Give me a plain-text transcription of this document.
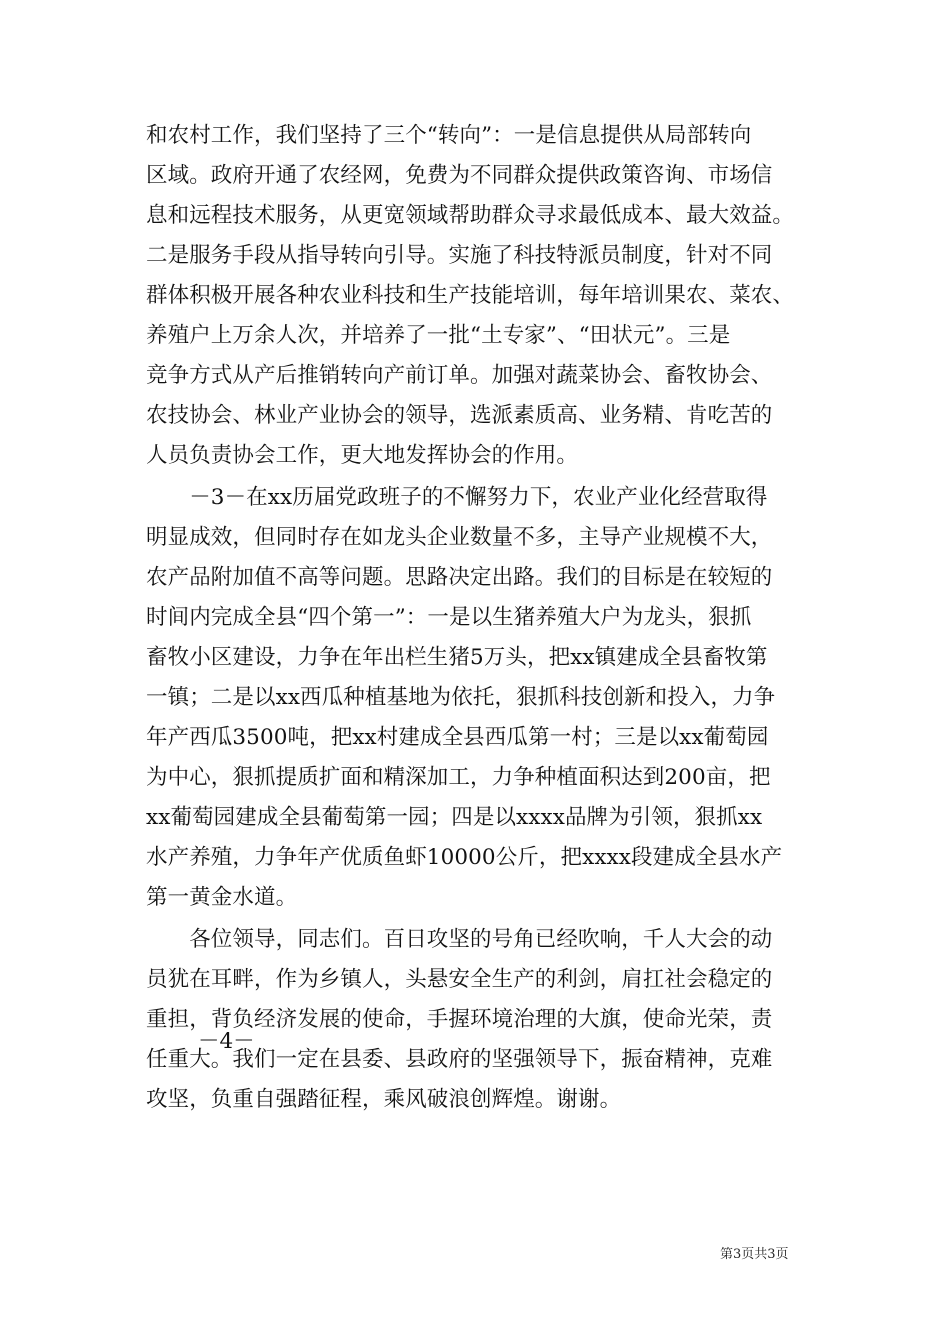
和农村工作，我们坚持了三个“转向”：一是信息提供从局部转向
区域。政府开通了农经网，免费为不同群众提供政策咨询、市场信
息和远程技术服务，从更宽领域帮助群众寻求最低成本、最大效益。
二是服务手段从指导转向引导。实施了科技特派员制度，针对不同
群体积极开展各种农业科技和生产技能培训，每年培训果农、菜农、
养殖户上万余人次，并培养了一批“土专家”、“田状元”。三是
竞争方式从产后推销转向产前订单。加强对蔬菜协会、畜牧协会、
农技协会、林业产业协会的领导，选派素质高、业务精、肯吃苦的
人员负责协会工作，更大地发挥协会的作用。
　　－3－在xx历届党政班子的不懈努力下，农业产业化经营取得
明显成效，但同时存在如龙头企业数量不多，主导产业规模不大，
农产品附加值不高等问题。思路决定出路。我们的目标是在较短的
时间内完成全县“四个第一”：一是以生猪养殖大户为龙头，狠抓
畜牧小区建设，力争在年出栏生猪5万头，把xx镇建成全县畜牧第
一镇；二是以xx西瓜种植基地为依托，狠抓科技创新和投入，力争
年产西瓜3500吨，把xx村建成全县西瓜第一村；三是以xx葡萄园
为中心，狠抓提质扩面和精深加工，力争种植面积达到200亩，把
xx葡萄园建成全县葡萄第一园；四是以xxxx品牌为引领，狠抓xx
水产养殖，力争年产优质鱼虾10000公斤，把xxxx段建成全县水产
第一黄金水道。
　　各位领导，同志们。百日攻坚的号角已经吹响，千人大会的动
员犹在耳畔，作为乡镇人，头悬安全生产的利剑，肩扛社会稳定的
重担，背负经济发展的使命，手握环境治理的大旗，使命光荣，责
任重大。我们一定在县委、县政府的坚强领导下，振奋精神，克难
攻坚，负重自强踏征程，乘风破浪创辉煌。谢谢。
－4－
第3页共3页
